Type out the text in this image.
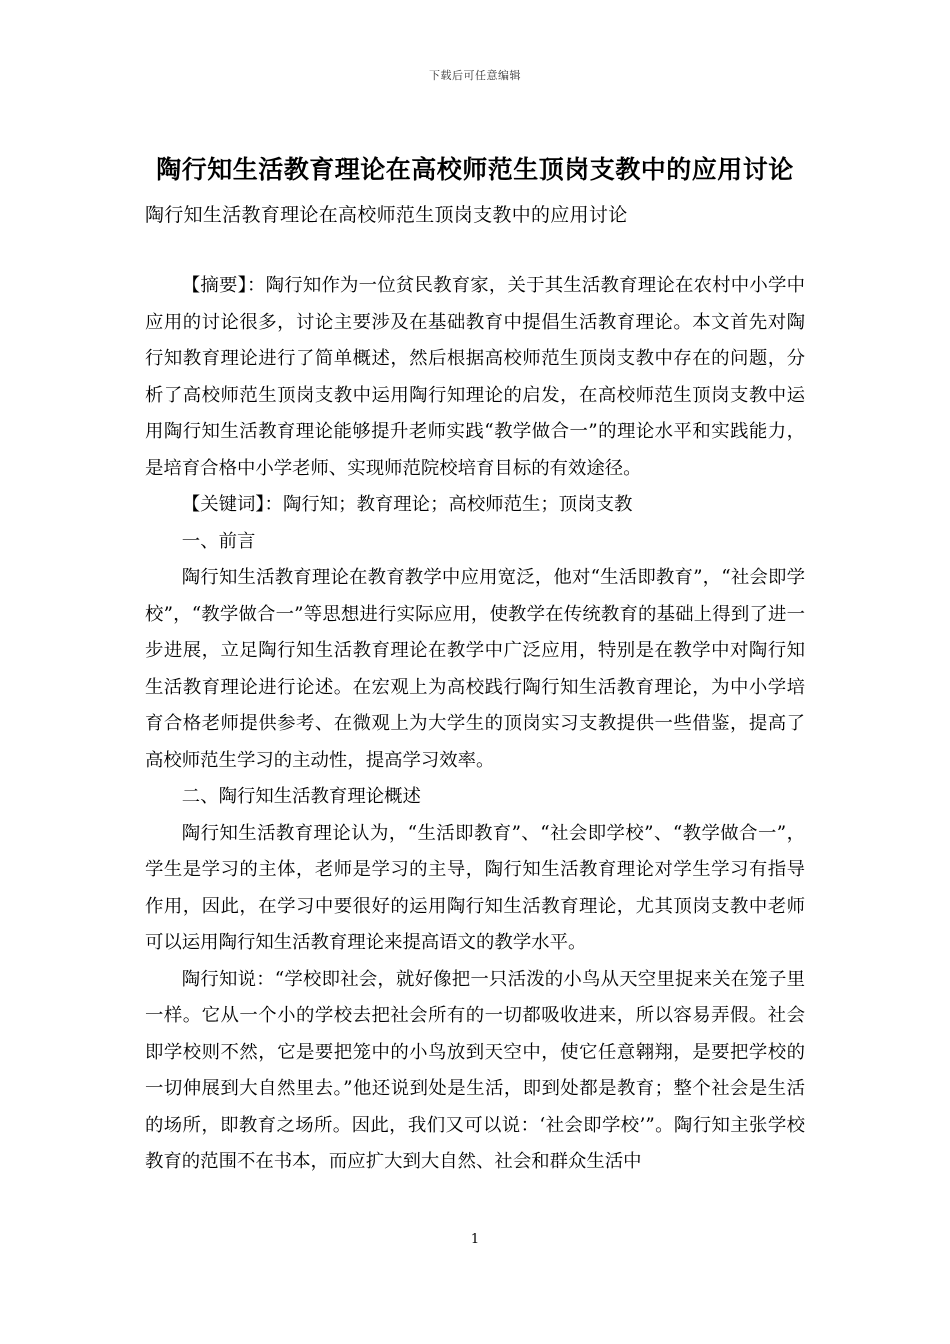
下载后可任意编辑
陶行知生活教育理论在高校师范生顶岗支教中的应用讨论
陶行知生活教育理论在高校师范生顶岗支教中的应用讨论

【摘要】：陶行知作为一位贫民教育家，关于其生活教育理论在农村中小学中应用的讨论很多，讨论主要涉及在基础教育中提倡生活教育理论。本文首先对陶行知教育理论进行了简单概述，然后根据高校师范生顶岗支教中存在的问题，分析了高校师范生顶岗支教中运用陶行知理论的启发，在高校师范生顶岗支教中运用陶行知生活教育理论能够提升老师实践“教学做合一”的理论水平和实践能力，是培育合格中小学老师、实现师范院校培育目标的有效途径。

【关键词】：陶行知；教育理论；高校师范生；顶岗支教

一、前言

陶行知生活教育理论在教育教学中应用宽泛，他对“生活即教育”，“社会即学校”，“教学做合一”等思想进行实际应用，使教学在传统教育的基础上得到了进一步进展，立足陶行知生活教育理论在教学中广泛应用，特别是在教学中对陶行知生活教育理论进行论述。在宏观上为高校践行陶行知生活教育理论，为中小学培育合格老师提供参考、在微观上为大学生的顶岗实习支教提供一些借鉴，提高了高校师范生学习的主动性，提高学习效率。

二、陶行知生活教育理论概述

陶行知生活教育理论认为，“生活即教育”、“社会即学校”、“教学做合一”，学生是学习的主体，老师是学习的主导，陶行知生活教育理论对学生学习有指导作用，因此，在学习中要很好的运用陶行知生活教育理论，尤其顶岗支教中老师可以运用陶行知生活教育理论来提高语文的教学水平。

陶行知说：“学校即社会，就好像把一只活泼的小鸟从天空里捉来关在笼子里一样。它从一个小的学校去把社会所有的一切都吸收进来，所以容易弄假。社会即学校则不然，它是要把笼中的小鸟放到天空中，使它任意翱翔，是要把学校的一切伸展到大自然里去。”他还说到处是生活，即到处都是教育；整个社会是生活的场所，即教育之场所。因此，我们又可以说：‘社会即学校’”。陶行知主张学校教育的范围不在书本，而应扩大到大自然、社会和群众生活中

1
